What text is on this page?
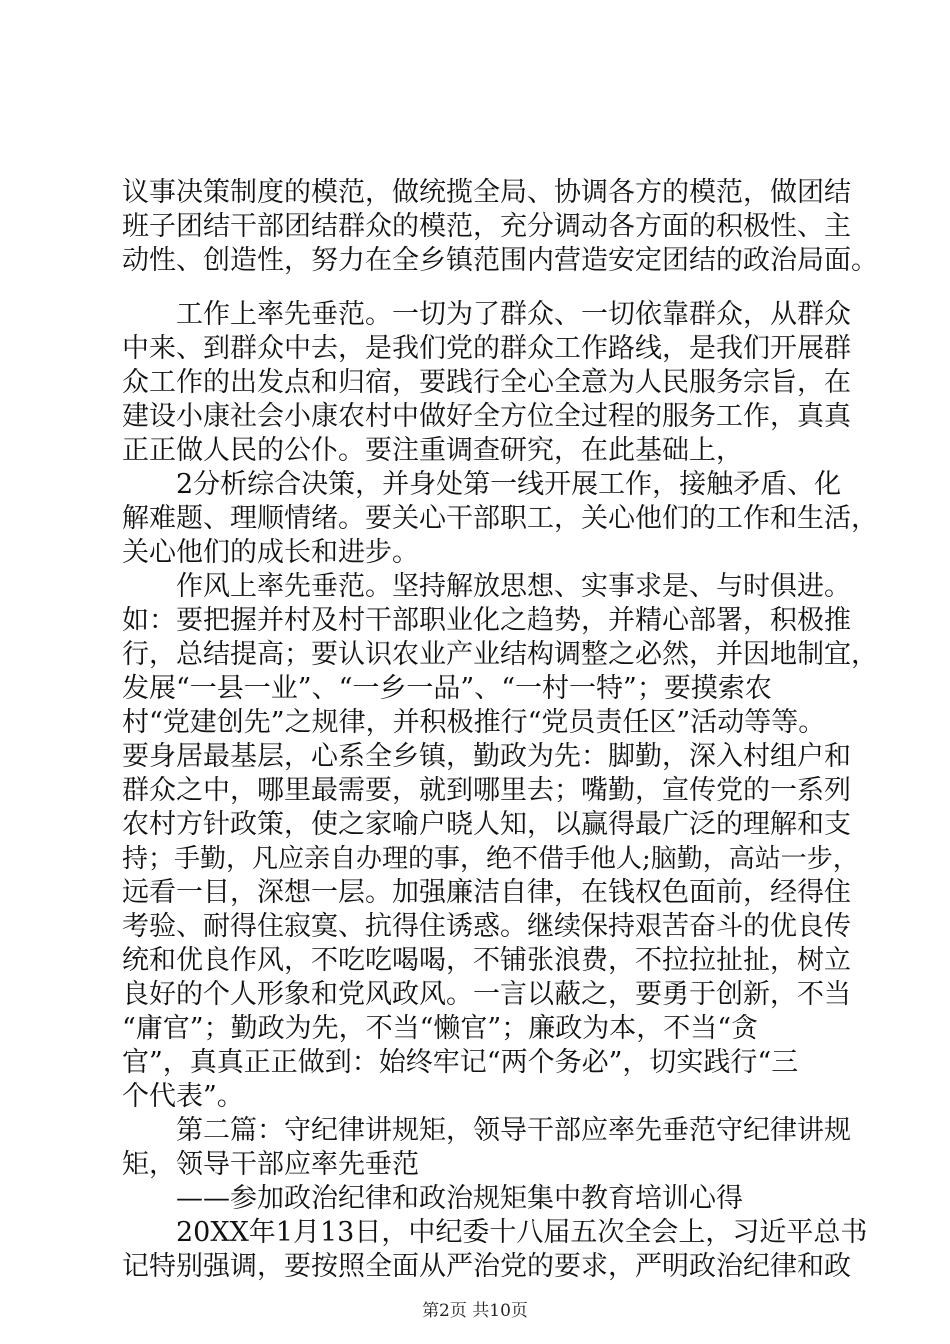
议事决策制度的模范，做统揽全局、协调各方的模范，做团结
班子团结干部团结群众的模范，充分调动各方面的积极性、主
动性、创造性，努力在全乡镇范围内营造安定团结的政治局面。
工作上率先垂范。一切为了群众、一切依靠群众，从群众
中来、到群众中去，是我们党的群众工作路线，是我们开展群
众工作的出发点和归宿，要践行全心全意为人民服务宗旨，在
建设小康社会小康农村中做好全方位全过程的服务工作，真真
正正做人民的公仆。要注重调查研究，在此基础上，
2分析综合决策，并身处第一线开展工作，接触矛盾、化
解难题、理顺情绪。要关心干部职工，关心他们的工作和生活，
关心他们的成长和进步。
作风上率先垂范。坚持解放思想、实事求是、与时俱进。
如：要把握并村及村干部职业化之趋势，并精心部署，积极推
行，总结提高；要认识农业产业结构调整之必然，并因地制宜，
发展“一县一业”、“一乡一品”、“一村一特”；要摸索农
村“党建创先”之规律，并积极推行“党员责任区”活动等等。
要身居最基层，心系全乡镇，勤政为先：脚勤，深入村组户和
群众之中，哪里最需要，就到哪里去；嘴勤，宣传党的一系列
农村方针政策，使之家喻户晓人知，以赢得最广泛的理解和支
持；手勤，凡应亲自办理的事，绝不借手他人;脑勤，高站一步，
远看一目，深想一层。加强廉洁自律，在钱权色面前，经得住
考验、耐得住寂寞、抗得住诱惑。继续保持艰苦奋斗的优良传
统和优良作风，不吃吃喝喝，不铺张浪费，不拉拉扯扯，树立
良好的个人形象和党风政风。一言以蔽之，要勇于创新，不当
“庸官”；勤政为先，不当“懒官”；廉政为本，不当“贪
官”，真真正正做到：始终牢记“两个务必”，切实践行“三
个代表”。
第二篇：守纪律讲规矩，领导干部应率先垂范守纪律讲规
矩，领导干部应率先垂范
——参加政治纪律和政治规矩集中教育培训心得
20XX年1月13日，中纪委十八届五次全会上，习近平总书
记特别强调，要按照全面从严治党的要求，严明政治纪律和政
第2页 共10页
